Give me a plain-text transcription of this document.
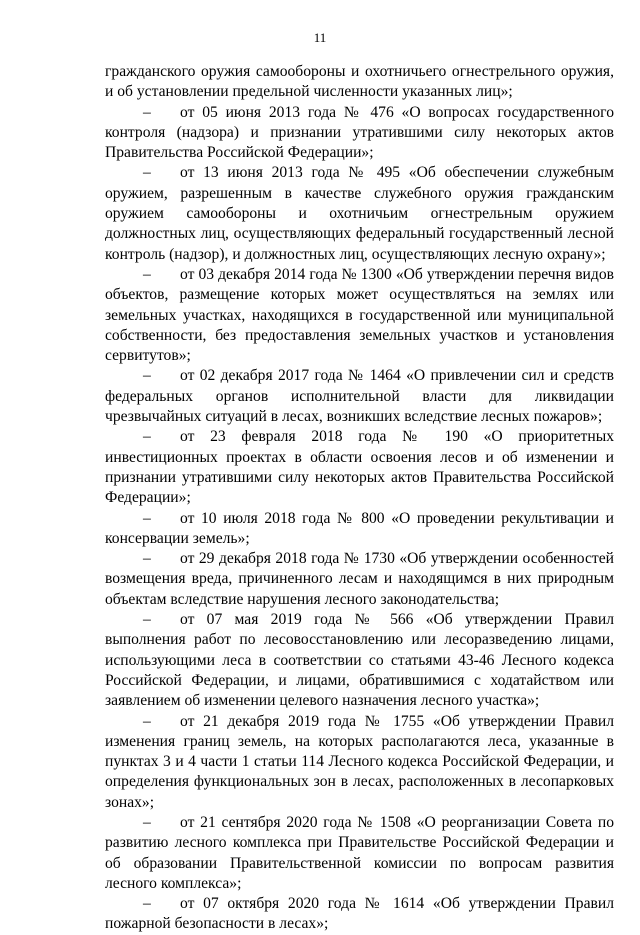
11

гражданского оружия самообороны и охотничьего огнестрельного оружия, и об установлении предельной численности указанных лиц»;

– от 05 июня 2013 года № 476 «О вопросах государственного контроля (надзора) и признании утратившими силу некоторых актов Правительства Российской Федерации»;

– от 13 июня 2013 года № 495 «Об обеспечении служебным оружием, разрешенным в качестве служебного оружия гражданским оружием самообороны и охотничьим огнестрельным оружием должностных лиц, осуществляющих федеральный государственный лесной контроль (надзор), и должностных лиц, осуществляющих лесную охрану»;

– от 03 декабря 2014 года № 1300 «Об утверждении перечня видов объектов, размещение которых может осуществляться на землях или земельных участках, находящихся в государственной или муниципальной собственности, без предоставления земельных участков и установления сервитутов»;

– от 02 декабря 2017 года № 1464 «О привлечении сил и средств федеральных органов исполнительной власти для ликвидации чрезвычайных ситуаций в лесах, возникших вследствие лесных пожаров»;

– от 23 февраля 2018 года № 190 «О приоритетных инвестиционных проектах в области освоения лесов и об изменении и признании утратившими силу некоторых актов Правительства Российской Федерации»;

– от 10 июля 2018 года № 800 «О проведении рекультивации и консервации земель»;

– от 29 декабря 2018 года № 1730 «Об утверждении особенностей возмещения вреда, причиненного лесам и находящимся в них природным объектам вследствие нарушения лесного законодательства;

– от 07 мая 2019 года № 566 «Об утверждении Правил выполнения работ по лесовосстановлению или лесоразведению лицами, использующими леса в соответствии со статьями 43-46 Лесного кодекса Российской Федерации, и лицами, обратившимися с ходатайством или заявлением об изменении целевого назначения лесного участка»;

– от 21 декабря 2019 года № 1755 «Об утверждении Правил изменения границ земель, на которых располагаются леса, указанные в пунктах 3 и 4 части 1 статьи 114 Лесного кодекса Российской Федерации, и определения функциональных зон в лесах, расположенных в лесопарковых зонах»;

– от 21 сентября 2020 года № 1508 «О реорганизации Совета по развитию лесного комплекса при Правительстве Российской Федерации и об образовании Правительственной комиссии по вопросам развития лесного комплекса»;

– от 07 октября 2020 года № 1614 «Об утверждении Правил пожарной безопасности в лесах»;
